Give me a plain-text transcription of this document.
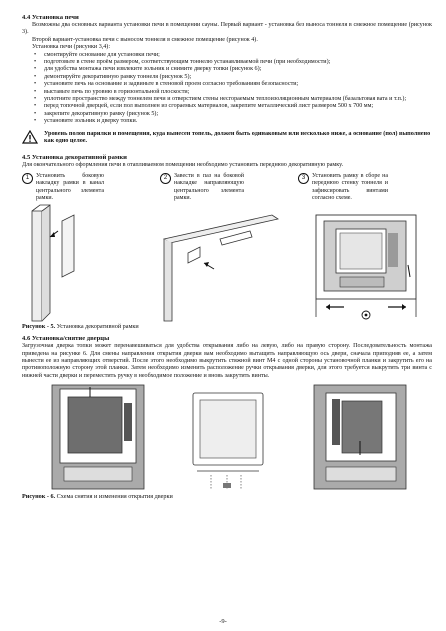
4.4 Установка печи

Возможны два основных варианта установки печи в помещении сауны. Первый вариант - установка без выноса тоннеля в смежное помещение (рисунок 3).

Второй вариант-установка печи с выносом тоннеля в смежное помещение (рисунок 4).

Установка печи (рисунки 3,4):

• смонтируйте основание для установки печи;
• подготовьте в стене проём размером, соответствующим тоннелю устанавливаемой печи (при необходимости);
• для удобства монтажа печи извлеките зольник и снимите дверку топки (рисунок 6);
• демонтируйте декоративную рамку тоннеля (рисунок 5);
• установите печь на основание и задвиньте в стеновой проем согласно требованиям безопасности;
• выставьте печь по уровню в горизонтальной плоскости;
• уплотните пространство между тоннелем печи и отверстием стены несгораемым теплоизоляционным материалом (базальтовая вата и т.п.);
• перед топочной дверцей, если пол выполнен из сгораемых материалов, закрепите металлический лист размером 500 х 700 мм;
• закрепите декоративную рамку (рисунок 5);
• установите зольник и дверку топки.
Уровень полов парилки и помещения, куда вынесен топель, должен быть одинаковым или несколько ниже, а основание (пол) выполнено как одно целое.

4.5 Установка декоративной рамки

Для окончательного оформления печи в отапливаемом помещении необходимо установить переднюю декоративную рамку.

1	Установить боковую накладку рамки в канал центрального элемента рамки.
2	Завести в паз на боковой накладке направляющую центрального элемента рамки.
3	Установить рамку в сборе на переднюю стенку тоннеля и зафиксировать винтами согласно схеме.

Рисунок - 5. Установка декоративной рамки

4.6 Установка/снятие дверцы

Загрузочная дверка топки может перенавешиваться для удобства открывания либо на левую, либо на правую сторону. Последовательность монтажа приведена на рисунке 6. Для смены направления открытия дверки вам необходимо вытащить направляющую ось двери, сначала приподняв ее, а затем вынести ее из направляющих отверстий. После этого необходимо выкрутить стяжной винт M4 с одной стороны установочной планки и закрутить его на противоположную сторону этой планки. Затем необходимо изменить расположение ручки открывания дверки, для этого требуется выкрутить три винта с нижней части дверки и переместить ручку в необходимое положение и вновь закрутить винты.

Рисунок - 6. Схема снятия и изменения открытия дверки

-9-
